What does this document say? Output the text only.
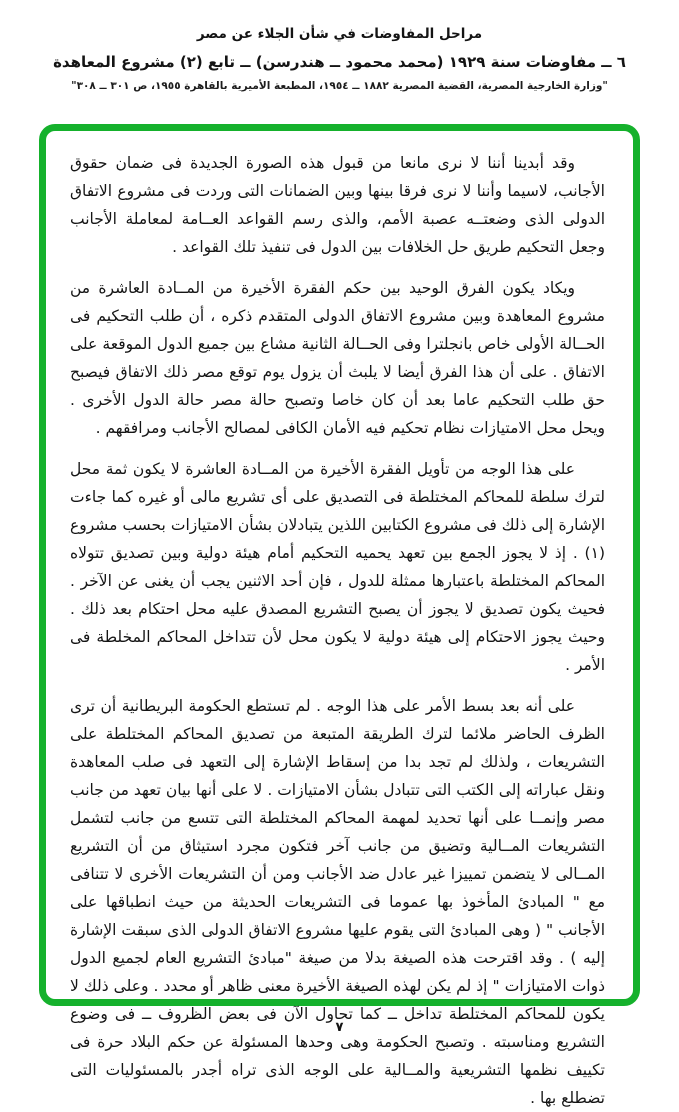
مراحل المفاوضات في شأن الجلاء عن مصر
٦ ــ مفاوضات سنة ١٩٢٩ (محمد محمود ــ هندرسن) ــ تابع (٢) مشروع المعاهدة
"وزارة الخارجية المصرية، القضية المصرية ١٨٨٢ ــ ١٩٥٤، المطبعة الأميرية بالقاهرة ١٩٥٥، ص ٣٠١ ــ ٣٠٨"

وقد أبدينا أننا لا نرى مانعا من قبول هذه الصورة الجديدة فى ضمان حقوق الأجانب، لاسيما وأننا لا نرى فرقا بينها وبين الضمانات التى وردت فى مشروع الاتفاق الدولى الذى وضعتــه عصبة الأمم، والذى رسم القواعد العــامة لمعاملة الأجانب وجعل التحكيم طريق حل الخلافات بين الدول فى تنفيذ تلك القواعد .

ويكاد يكون الفرق الوحيد بين حكم الفقرة الأخيرة من المــادة العاشرة من مشروع المعاهدة وبين مشروع الاتفاق الدولى المتقدم ذكره ، أن طلب التحكيم فى الحــالة الأولى خاص بانجلترا وفى الحــالة الثانية مشاع بين جميع الدول الموقعة على الاتفاق . على أن هذا الفرق أيضا لا يلبث أن يزول يوم توقع مصر ذلك الاتفاق فيصبح حق طلب التحكيم عاما بعد أن كان خاصا وتصبح حالة مصر حالة الدول الأخرى . ويحل محل الامتيازات نظام تحكيم فيه الأمان الكافى لمصالح الأجانب ومرافقهم .

على هذا الوجه من تأويل الفقرة الأخيرة من المــادة العاشرة لا يكون ثمة محل لترك سلطة للمحاكم المختلطة فى التصديق على أى تشريع مالى أو غيره كما جاءت الإشارة إلى ذلك فى مشروع الكتابين اللذين يتبادلان بشأن الامتيازات بحسب مشروع (١) . إذ لا يجوز الجمع بين تعهد يحميه التحكيم أمام هيئة دولية وبين تصديق تتولاه المحاكم المختلطة باعتبارها ممثلة للدول ، فإن أحد الاثنين يجب أن يغنى عن الآخر . فحيث يكون تصديق لا يجوز أن يصبح التشريع المصدق عليه محل احتكام بعد ذلك . وحيث يجوز الاحتكام إلى هيئة دولية لا يكون محل لأن تتداخل المحاكم المخلطة فى الأمر .

على أنه بعد بسط الأمر على هذا الوجه . لم تستطع الحكومة البريطانية أن ترى الظرف الحاضر ملائما لترك الطريقة المتبعة من تصديق المحاكم المختلطة على التشريعات ، ولذلك لم تجد بدا من إسقاط الإشارة إلى التعهد فى صلب المعاهدة ونقل عباراته إلى الكتب التى تتبادل بشأن الامتيازات . لا على أنها بيان تعهد من جانب مصر وإنمــا على أنها تحديد لمهمة المحاكم المختلطة التى تتسع من جانب لتشمل التشريعات المــالية وتضيق من جانب آخر فتكون مجرد استيثاق من أن التشريع المــالى لا يتضمن تمييزا غير عادل ضد الأجانب ومن أن التشريعات الأخرى لا تتنافى مع " المبادئ المأخوذ بها عموما فى التشريعات الحديثة من حيث انطباقها على الأجانب " ( وهى المبادئ التى يقوم عليها مشروع الاتفاق الدولى الذى سبقت الإشارة إليه ) . وقد اقترحت هذه الصيغة بدلا من صيغة "مبادئ التشريع العام لجميع الدول ذوات الامتيازات " إذ لم يكن لهذه الصيغة الأخيرة معنى ظاهر أو محدد . وعلى ذلك لا يكون للمحاكم المختلطة تداخل ــ كما تحاول الآن فى بعض الظروف ــ فى وضوع التشريع ومناسبته . وتصبح الحكومة وهى وحدها المسئولة عن حكم البلاد حرة فى تكييف نظمها التشريعية والمــالية على الوجه الذى تراه أجدر بالمسئوليات التى تضطلع بها .

٧
